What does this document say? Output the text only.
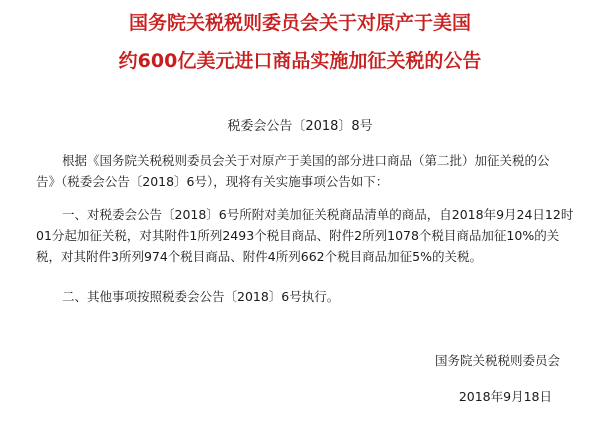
国务院关税税则委员会关于对原产于美国
约600亿美元进口商品实施加征关税的公告
税委会公告〔2018〕8号
根据《国务院关税税则委员会关于对原产于美国的部分进口商品（第二批）加征关税的公
告》（税委会公告〔2018〕6号），现将有关实施事项公告如下：
一、对税委会公告〔2018〕6号所附对美加征关税商品清单的商品，自2018年9月24日12时
01分起加征关税，对其附件1所列2493个税目商品、附件2所列1078个税目商品加征10%的关
税，对其附件3所列974个税目商品、附件4所列662个税目商品加征5%的关税。
二、其他事项按照税委会公告〔2018〕6号执行。
国务院关税税则委员会
2018年9月18日
